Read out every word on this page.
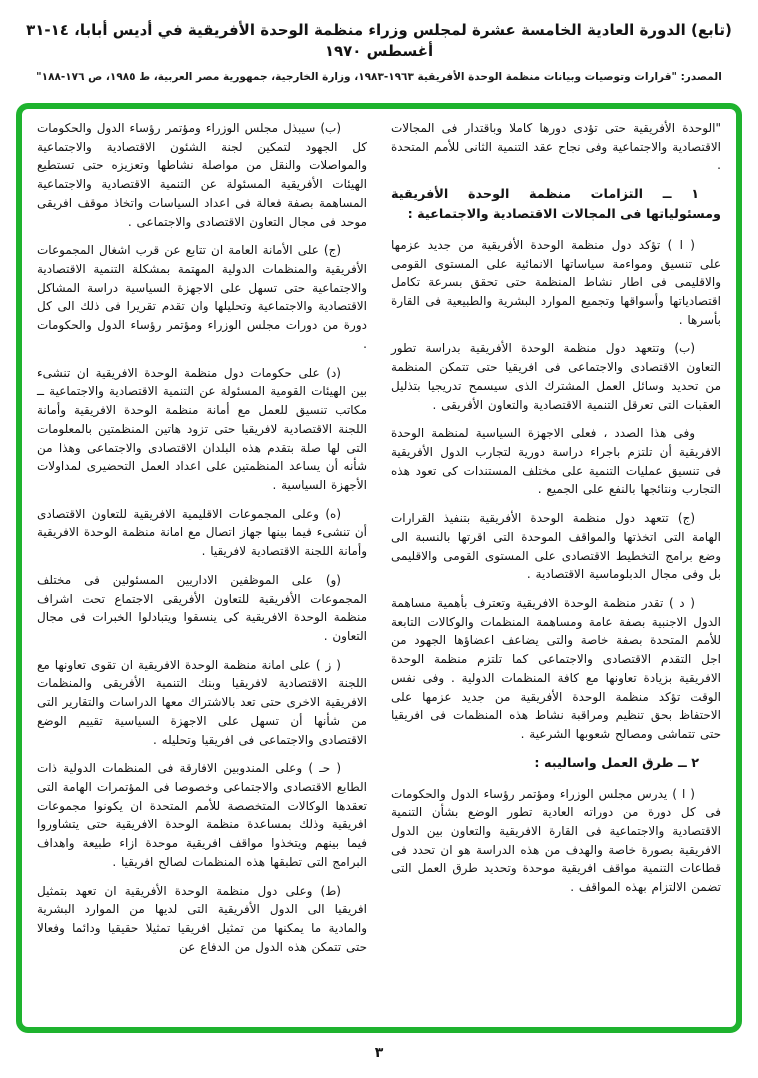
(تابع) الدورة العادية الخامسة عشرة لمجلس وزراء منظمة الوحدة الأفريقية في أديس أبابا، ١٤-٣١ أغسطس ١٩٧٠
المصدر: "قرارات وتوصيات وبيانات منظمة الوحدة الأفريقية ١٩٦٣-١٩٨٣، وزارة الخارجية، جمهورية مصر العربية، ط ١٩٨٥، ص ١٧٦-١٨٨"

"الوحدة الأفريقية حتى تؤدى دورها كاملا وباقتدار فى المجالات الاقتصادية والاجتماعية وفى نجاح عقد التنمية الثانى للأمم المتحدة .

١ ــ التزامات منظمة الوحدة الأفريقية ومسئولياتها فى المجالات الاقتصادية والاجتماعية :

( ا ) تؤكد دول منظمة الوحدة الأفريقية من جديد عزمها على تنسيق ومواءمة سياساتها الانمائية على المستوى القومى والاقليمى فى اطار نشاط المنظمة حتى تحقق بسرعة تكامل اقتصادياتها وأسواقها وتجميع الموارد البشرية والطبيعية فى القارة بأسرها .

(ب) وتتعهد دول منظمة الوحدة الأفريقية بدراسة تطور التعاون الاقتصادى والاجتماعى فى افريقيا حتى تتمكن المنظمة من تحديد وسائل العمل المشترك الذى سيسمح تدريجيا بتذليل العقبات التى تعرقل التنمية الاقتصادية والتعاون الأفريقى .

وفى هذا الصدد ، فعلى الاجهزة السياسية لمنظمة الوحدة الافريقية أن تلتزم باجراء دراسة دورية لتجارب الدول الأفريقية فى تنسيق عمليات التنمية على مختلف المستندات كى تعود هذه التجارب ونتائجها بالنفع على الجميع .

(ج) تتعهد دول منظمة الوحدة الأفريقية بتنفيذ القرارات الهامة التى اتخذتها والمواقف الموحدة التى اقرتها بالنسبة الى وضع برامج التخطيط الاقتصادى على المستوى القومى والاقليمى بل وفى مجال الدبلوماسية الاقتصادية .

( د ) تقدر منظمة الوحدة الافريقية وتعترف بأهمية مساهمة الدول الاجنبية بصفة عامة ومساهمة المنظمات والوكالات التابعة للأمم المتحدة بصفة خاصة والتى يضاعف اعضاؤها الجهود من اجل التقدم الاقتصادى والاجتماعى كما تلتزم منظمة الوحدة الافريقية بزيادة تعاونها مع كافة المنظمات الدولية . وفى نفس الوقت تؤكد منظمة الوحدة الأفريقية من جديد عزمها على الاحتفاظ بحق تنظيم ومراقبة نشاط هذه المنظمات فى افريقيا حتى تتماشى ومصالح شعوبها الشرعية .

٢ ــ طرق العمل واساليبه :

( ا ) يدرس مجلس الوزراء ومؤتمر رؤساء الدول والحكومات فى كل دورة من دوراته العادية تطور الوضع بشأن التنمية الاقتصادية والاجتماعية فى القارة الافريقية والتعاون بين الدول الافريقية بصورة خاصة والهدف من هذه الدراسة هو ان تحدد فى قطاعات التنمية مواقف افريقية موحدة وتحديد طرق العمل التى تضمن الالتزام بهذه المواقف .

(ب) سيبذل مجلس الوزراء ومؤتمر رؤساء الدول والحكومات كل الجهود لتمكين لجنة الشئون الاقتصادية والاجتماعية والمواصلات والنقل من مواصلة نشاطها وتعزيزه حتى تستطيع الهيئات الأفريقية المسئولة عن التنمية الاقتصادية والاجتماعية المساهمة بصفة فعالة فى اعداد السياسات واتخاذ موقف افريقى موحد فى مجال التعاون الاقتصادى والاجتماعى .

(ج) على الأمانة العامة ان تتابع عن قرب اشغال المجموعات الأفريقية والمنظمات الدولية المهتمة بمشكلة التنمية الاقتصادية والاجتماعية حتى تسهل على الاجهزة السياسية دراسة المشاكل الاقتصادية والاجتماعية وتحليلها وان تقدم تقريرا فى ذلك الى كل دورة من دورات مجلس الوزراء ومؤتمر رؤساء الدول والحكومات .

(د) على حكومات دول منظمة الوحدة الافريقية ان تنشىء بين الهيئات القومية المسئولة عن التنمية الاقتصادية والاجتماعية ــ مكاتب تنسيق للعمل مع أمانة منظمة الوحدة الافريقية وأمانة اللجنة الاقتصادية لافريقيا حتى تزود هاتين المنظمتين بالمعلومات التى لها صلة بتقدم هذه البلدان الاقتصادى والاجتماعى وهذا من شأنه أن يساعد المنظمتين على اعداد العمل التحضيرى لمداولات الأجهزة السياسية .

(ه) وعلى المجموعات الاقليمية الافريقية للتعاون الاقتصادى أن تنشىء فيما بينها جهاز اتصال مع امانة منظمة الوحدة الافريقية وأمانة اللجنة الاقتصادية لافريقيا .

(و) على الموظفين الاداريين المسئولين فى مختلف المجموعات الأفريقية للتعاون الأفريقى الاجتماع تحت اشراف منظمة الوحدة الافريقية كى ينسقوا ويتبادلوا الخبرات فى مجال التعاون .

( ز ) على امانة منظمة الوحدة الافريقية ان تقوى تعاونها مع اللجنة الاقتصادية لافريقيا وبنك التنمية الأفريقى والمنظمات الافريقية الاخرى حتى تعد بالاشتراك معها الدراسات والتقارير التى من شأنها أن تسهل على الاجهزة السياسية تقييم الوضع الاقتصادى والاجتماعى فى افريقيا وتحليله .

( حـ ) وعلى المندوبين الافارقة فى المنظمات الدولية ذات الطابع الاقتصادى والاجتماعى وخصوصا فى المؤتمرات الهامة التى تعقدها الوكالات المتخصصة للأمم المتحدة ان يكونوا مجموعات افريقية وذلك بمساعدة منظمة الوحدة الافريقية حتى يتشاوروا فيما بينهم ويتخذوا مواقف افريقية موحدة ازاء طبيعة واهداف البرامج التى تطبقها هذه المنظمات لصالح افريقيا .

(ط) وعلى دول منظمة الوحدة الأفريقية ان تعهد بتمثيل افريقيا الى الدول الأفريقية التى لديها من الموارد البشرية والمادية ما يمكنها من تمثيل افريقيا تمثيلا حقيقيا ودائما وفعالا حتى تتمكن هذه الدول من الدفاع عن

٣
